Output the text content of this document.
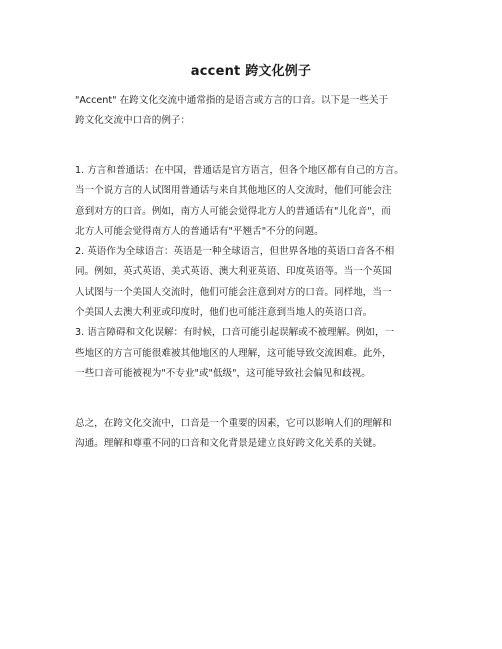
accent 跨文化例子
"Accent" 在跨文化交流中通常指的是语言或方言的口音。以下是一些关于
跨文化交流中口音的例子：
1. 方言和普通话：在中国，普通话是官方语言，但各个地区都有自己的方言。
当一个说方言的人试图用普通话与来自其他地区的人交流时，他们可能会注
意到对方的口音。例如，南方人可能会觉得北方人的普通话有"儿化音"，而
北方人可能会觉得南方人的普通话有"平翘舌"不分的问题。
2. 英语作为全球语言：英语是一种全球语言，但世界各地的英语口音各不相
同。例如，英式英语、美式英语、澳大利亚英语、印度英语等。当一个英国
人试图与一个美国人交流时，他们可能会注意到对方的口音。同样地，当一
个美国人去澳大利亚或印度时，他们也可能注意到当地人的英语口音。
3. 语言障碍和文化误解：有时候，口音可能引起误解或不被理解。例如，一
些地区的方言可能很难被其他地区的人理解，这可能导致交流困难。此外，
一些口音可能被视为"不专业"或"低级"，这可能导致社会偏见和歧视。
总之，在跨文化交流中，口音是一个重要的因素，它可以影响人们的理解和
沟通。理解和尊重不同的口音和文化背景是建立良好跨文化关系的关键。
